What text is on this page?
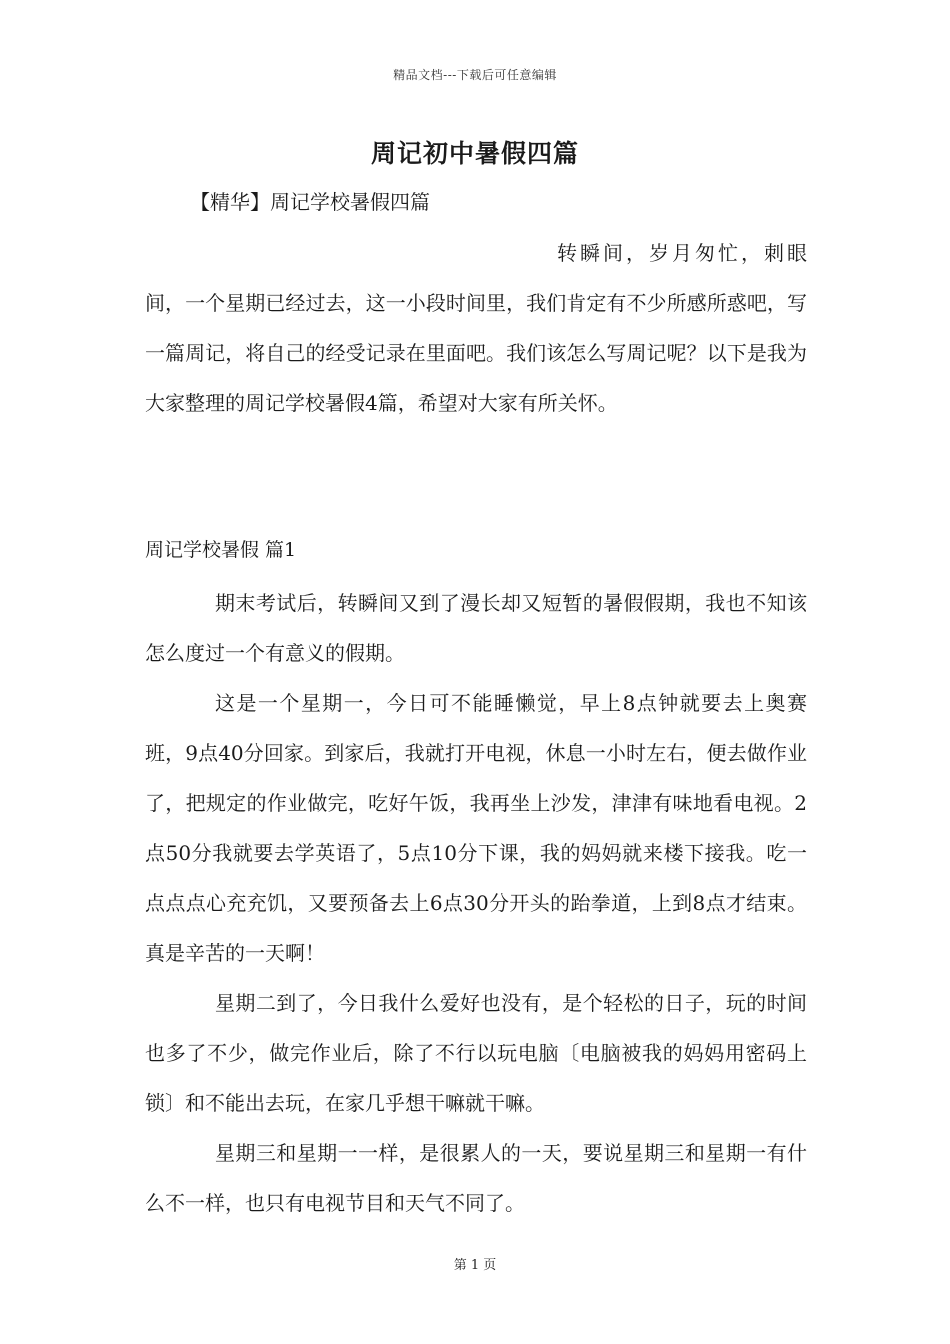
精品文档---下载后可任意编辑
周记初中暑假四篇
【精华】周记学校暑假四篇
转瞬间，岁月匆忙，刺眼间，一个星期已经过去，这一小段时间里，我们肯定有不少所感所惑吧，写一篇周记，将自己的经受记录在里面吧。我们该怎么写周记呢？以下是我为大家整理的周记学校暑假4篇，希望对大家有所关怀。
周记学校暑假 篇1

期末考试后，转瞬间又到了漫长却又短暂的暑假假期，我也不知该怎么度过一个有意义的假期。

这是一个星期一，今日可不能睡懒觉，早上8点钟就要去上奥赛班，9点40分回家。到家后，我就打开电视，休息一小时左右，便去做作业了，把规定的作业做完，吃好午饭，我再坐上沙发，津津有味地看电视。2点50分我就要去学英语了，5点10分下课，我的妈妈就来楼下接我。吃一点点点心充充饥，又要预备去上6点30分开头的跆拳道，上到8点才结束。真是辛苦的一天啊！

星期二到了，今日我什么爱好也没有，是个轻松的日子，玩的时间也多了不少，做完作业后，除了不行以玩电脑〔电脑被我的妈妈用密码上锁〕和不能出去玩，在家几乎想干嘛就干嘛。

星期三和星期一一样，是很累人的一天，要说星期三和星期一有什么不一样，也只有电视节目和天气不同了。

第 1 页
